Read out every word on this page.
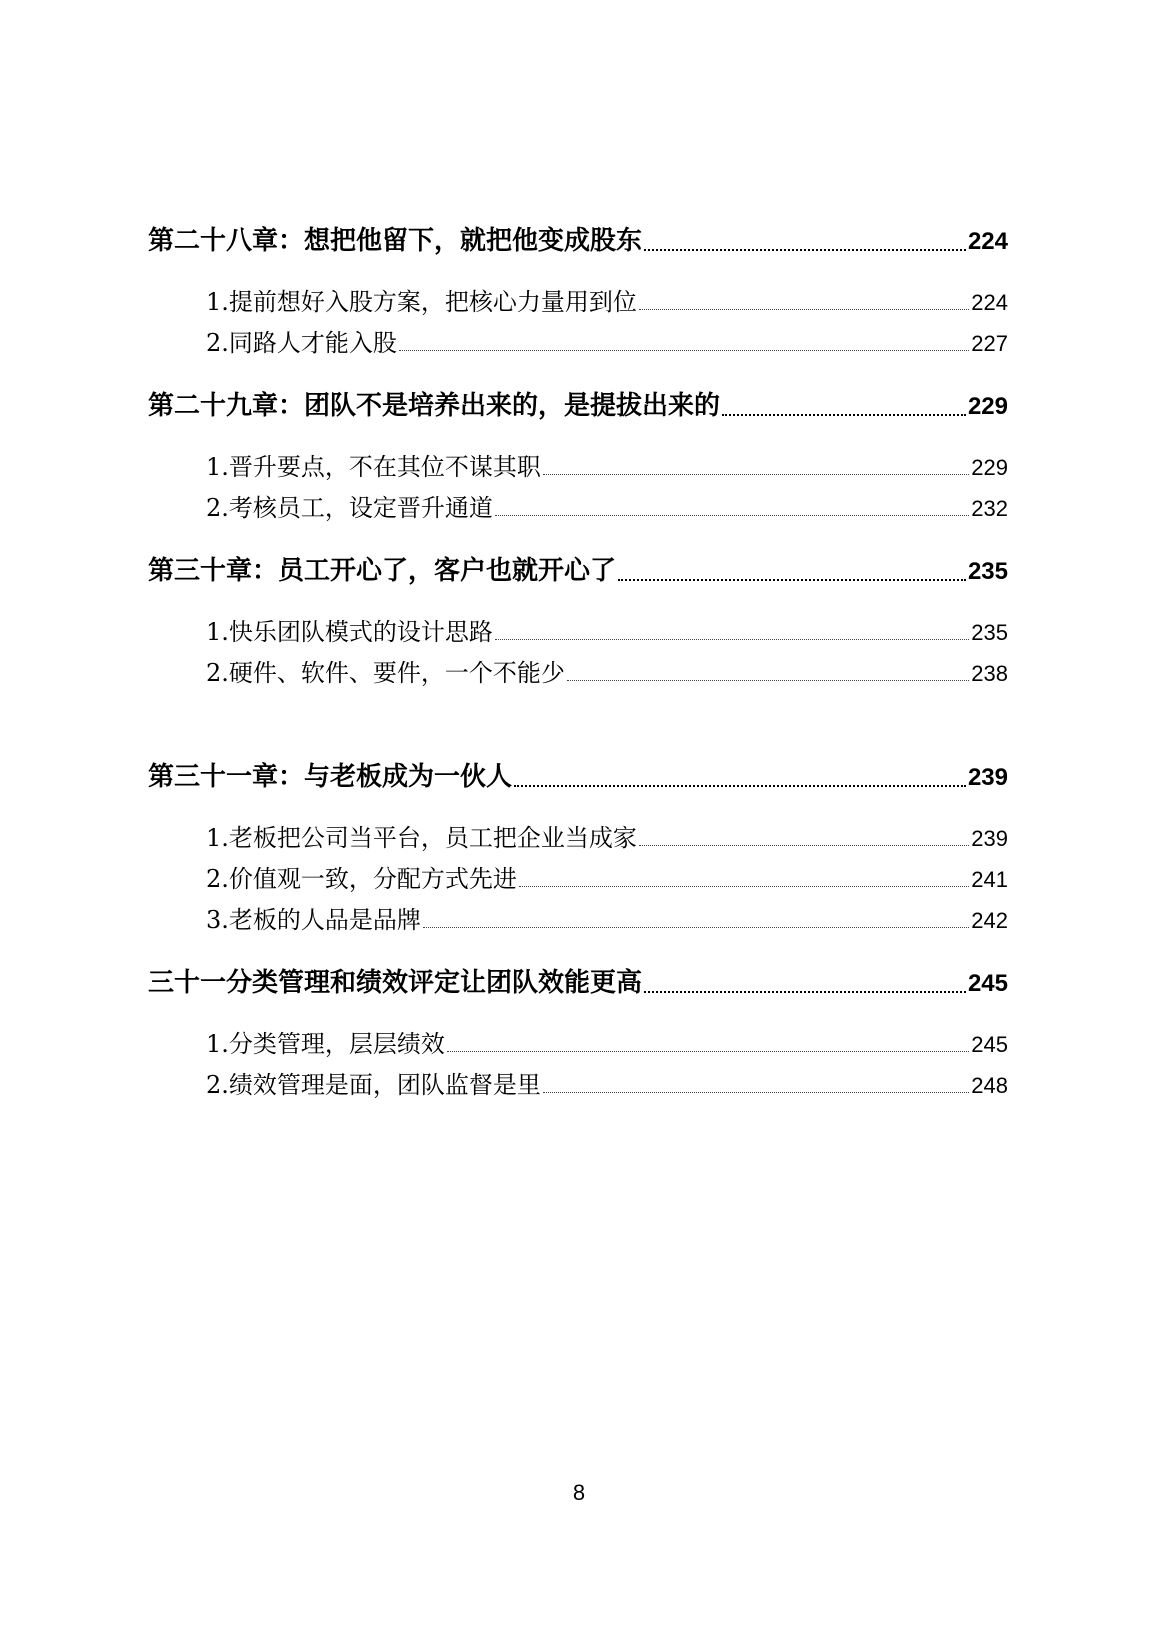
第二十八章：想把他留下，就把他变成股东	224
1.提前想好入股方案，把核心力量用到位	224
2.同路人才能入股	227
第二十九章：团队不是培养出来的，是提拔出来的	229
1.晋升要点，不在其位不谋其职	229
2.考核员工，设定晋升通道	232
第三十章：员工开心了，客户也就开心了	235
1.快乐团队模式的设计思路	235
2.硬件、软件、要件，一个不能少	238
第三十一章：与老板成为一伙人	239
1.老板把公司当平台，员工把企业当成家	239
2.价值观一致，分配方式先进	241
3.老板的人品是品牌	242
三十一分类管理和绩效评定让团队效能更高	245
1.分类管理，层层绩效	245
2.绩效管理是面，团队监督是里	248
8
